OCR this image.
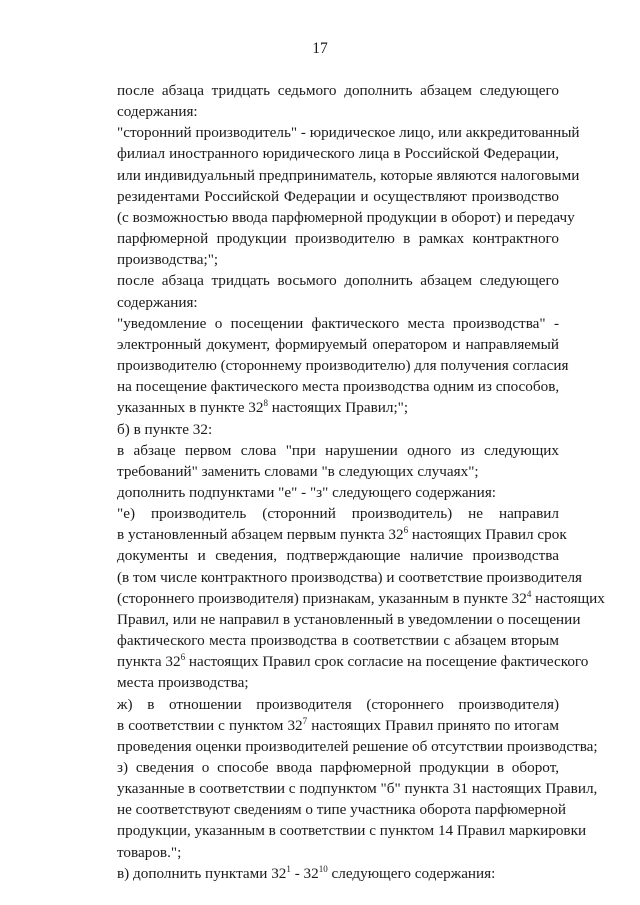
17
после абзаца тридцать седьмого дополнить абзацем следующего
содержания:
"сторонний производитель" - юридическое лицо, или аккредитованный
филиал иностранного юридического лица в Российской Федерации,
или индивидуальный предприниматель, которые являются налоговыми
резидентами Российской Федерации и осуществляют производство
(с возможностью ввода парфюмерной продукции в оборот) и передачу
парфюмерной продукции производителю в рамках контрактного
производства;";
после абзаца тридцать восьмого дополнить абзацем следующего
содержания:
"уведомление о посещении фактического места производства" -
электронный документ, формируемый оператором и направляемый
производителю (стороннему производителю) для получения согласия
на посещение фактического места производства одним из способов,
указанных в пункте $32^8$ настоящих Правил;";
б) в пункте 32:
в абзаце первом слова "при нарушении одного из следующих
требований" заменить словами "в следующих случаях";
дополнить подпунктами "е" - "з" следующего содержания:
"е) производитель (сторонний производитель) не направил
в установленный абзацем первым пункта $32^6$ настоящих Правил срок
документы и сведения, подтверждающие наличие производства
(в том числе контрактного производства) и соответствие производителя
(стороннего производителя) признакам, указанным в пункте $32^4$ настоящих
Правил, или не направил в установленный в уведомлении о посещении
фактического места производства в соответствии с абзацем вторым
пункта $32^6$ настоящих Правил срок согласие на посещение фактического
места производства;
ж) в отношении производителя (стороннего производителя)
в соответствии с пунктом $32^7$ настоящих Правил принято по итогам
проведения оценки производителей решение об отсутствии производства;
з) сведения о способе ввода парфюмерной продукции в оборот,
указанные в соответствии с подпунктом "б" пункта 31 настоящих Правил,
не соответствуют сведениям о типе участника оборота парфюмерной
продукции, указанным в соответствии с пунктом 14 Правил маркировки
товаров.";
в) дополнить пунктами $32^1 - 32^{10}$ следующего содержания:
